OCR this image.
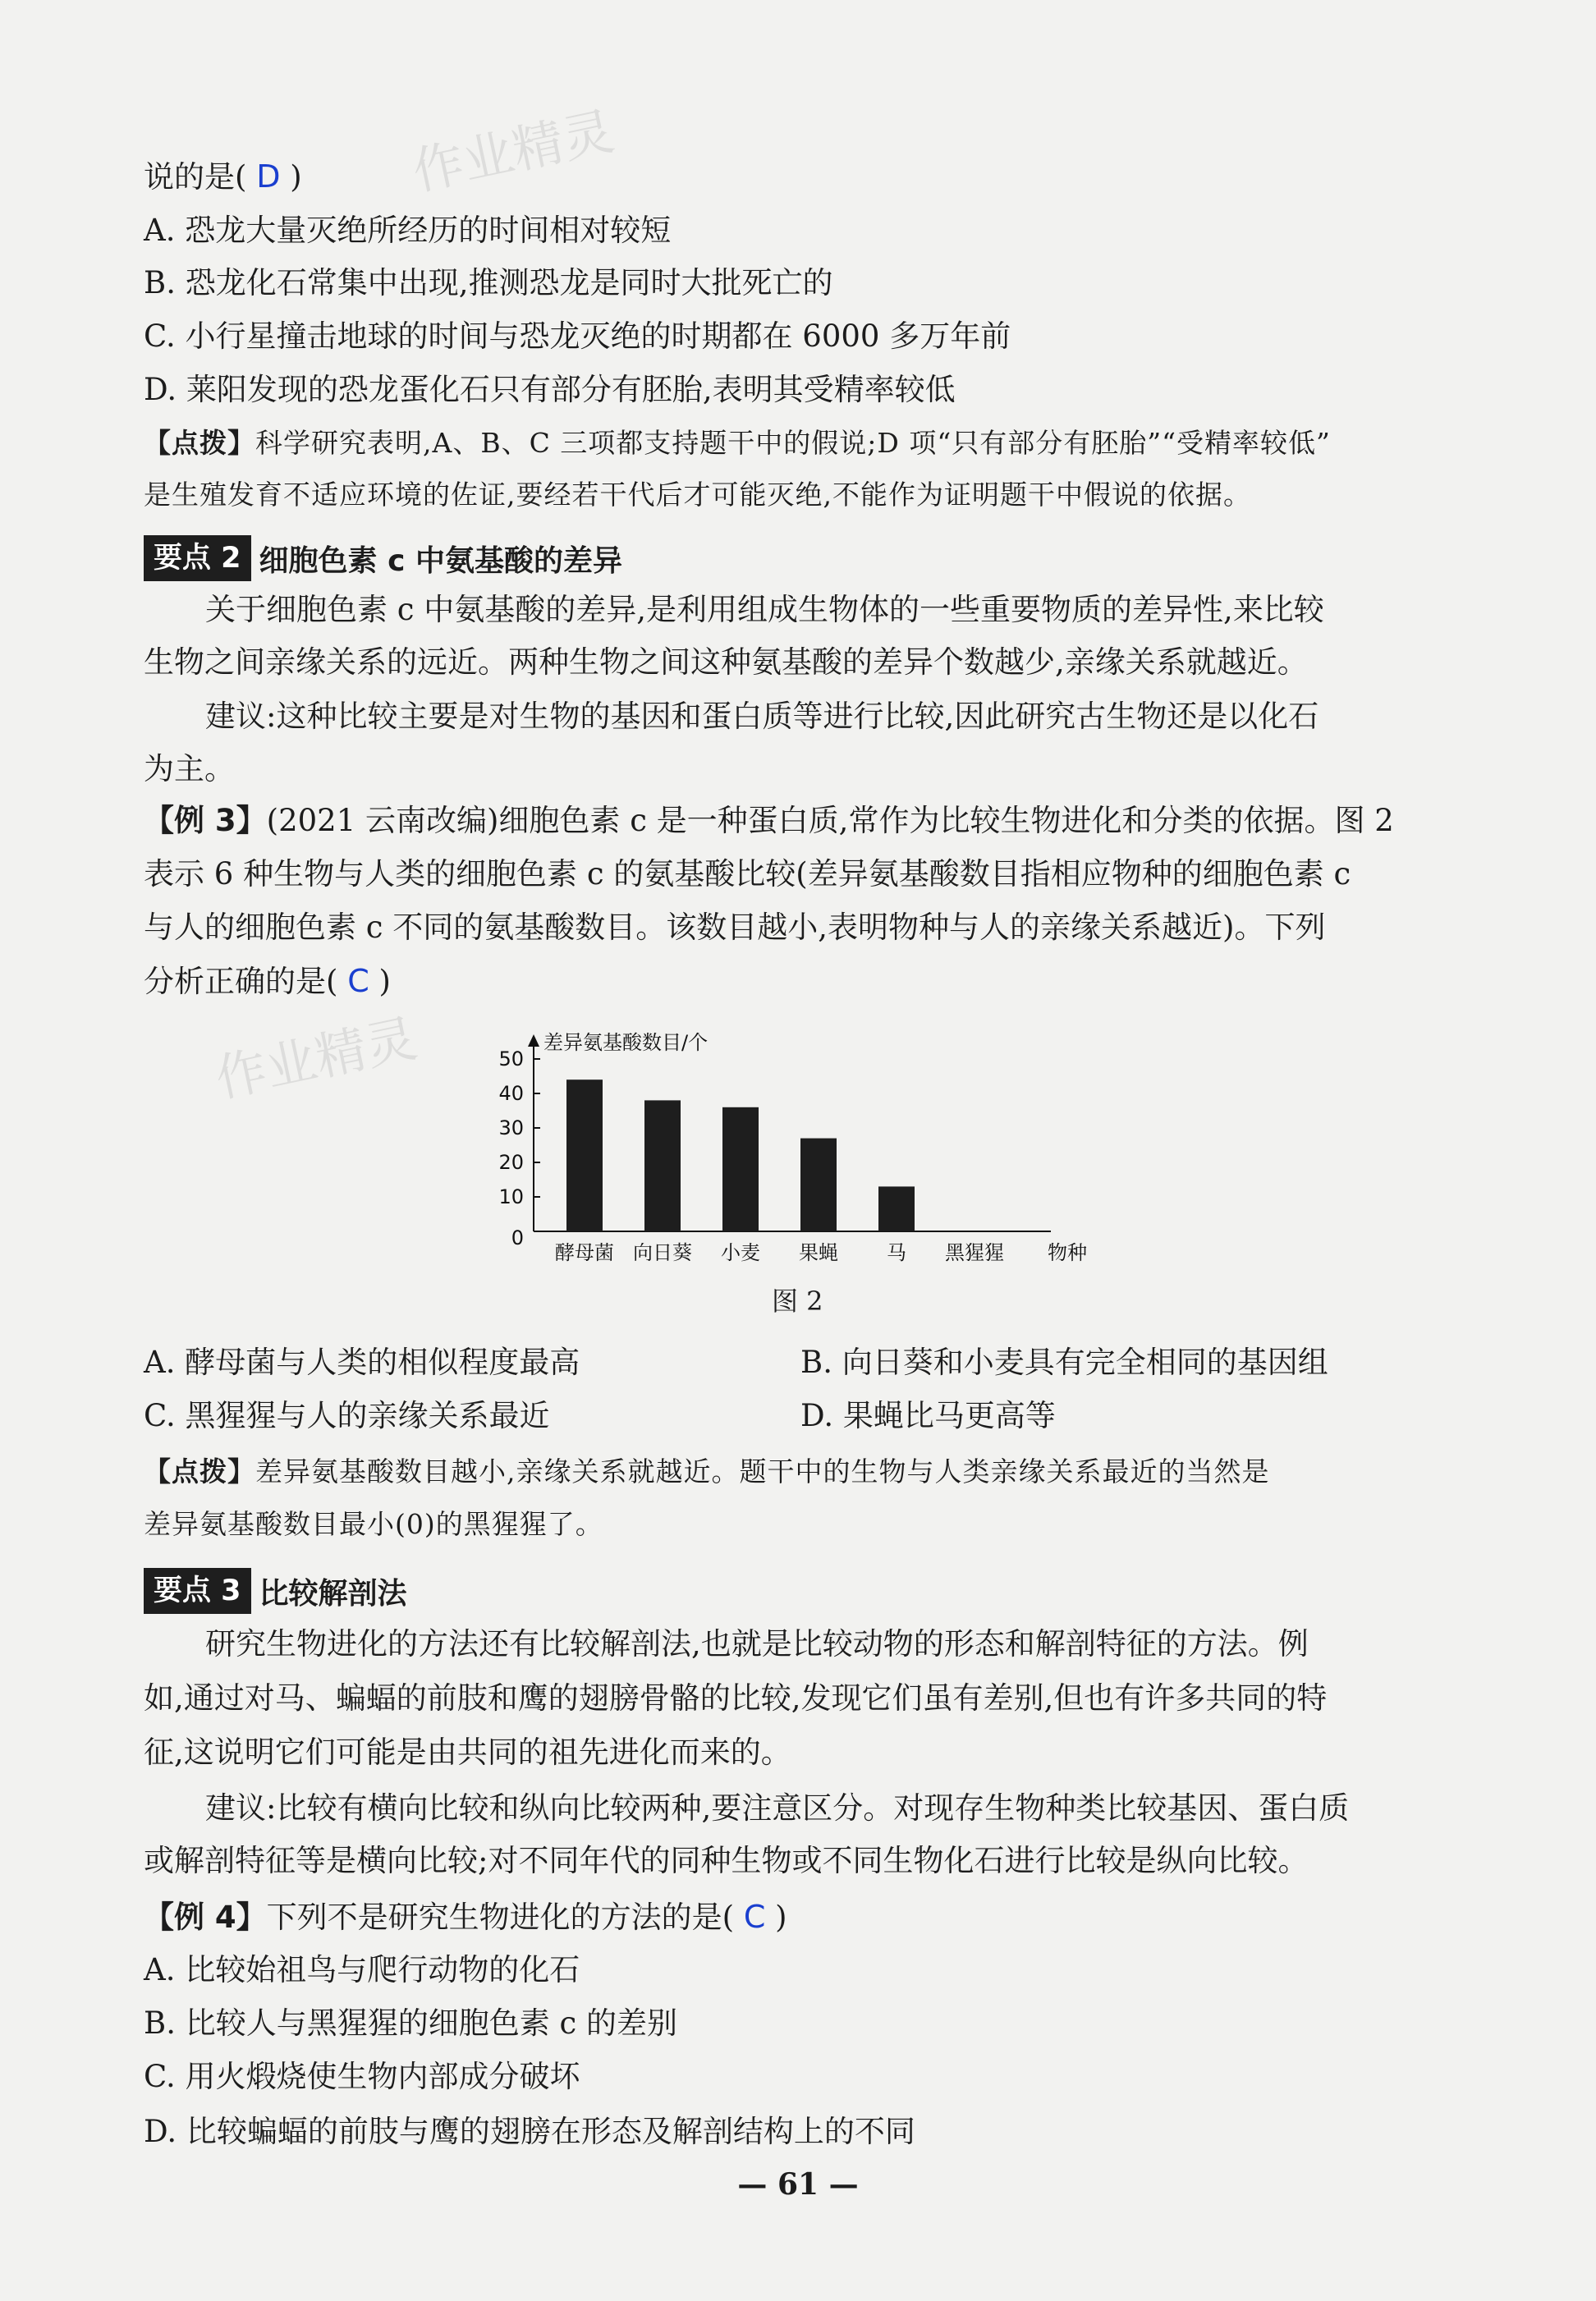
作业精灵
作业精灵
说的是( D )
A. 恐龙大量灭绝所经历的时间相对较短
B. 恐龙化石常集中出现,推测恐龙是同时大批死亡的
C. 小行星撞击地球的时间与恐龙灭绝的时期都在 6000 多万年前
D. 莱阳发现的恐龙蛋化石只有部分有胚胎,表明其受精率较低
【点拨】科学研究表明,A、B、C 三项都支持题干中的假说;D 项“只有部分有胚胎”“受精率较低”
是生殖发育不适应环境的佐证,要经若干代后才可能灭绝,不能作为证明题干中假说的依据。
要点 2 细胞色素 c 中氨基酸的差异
关于细胞色素 c 中氨基酸的差异,是利用组成生物体的一些重要物质的差异性,来比较
生物之间亲缘关系的远近。两种生物之间这种氨基酸的差异个数越少,亲缘关系就越近。
建议:这种比较主要是对生物的基因和蛋白质等进行比较,因此研究古生物还是以化石
为主。
【例 3】(2021 云南改编)细胞色素 c 是一种蛋白质,常作为比较生物进化和分类的依据。图 2
表示 6 种生物与人类的细胞色素 c 的氨基酸比较(差异氨基酸数目指相应物种的细胞色素 c
与人的细胞色素 c 不同的氨基酸数目。该数目越小,表明物种与人的亲缘关系越近)。下列
分析正确的是( C )
差异氨基酸数目/个
0
10
20
30
40
50
酵母菌 向日葵 小麦 果蝇 马 黑猩猩 物种
图 2
A. 酵母菌与人类的相似程度最高	B. 向日葵和小麦具有完全相同的基因组
C. 黑猩猩与人的亲缘关系最近	D. 果蝇比马更高等
【点拨】差异氨基酸数目越小,亲缘关系就越近。题干中的生物与人类亲缘关系最近的当然是
差异氨基酸数目最小(0)的黑猩猩了。
要点 3 比较解剖法
研究生物进化的方法还有比较解剖法,也就是比较动物的形态和解剖特征的方法。例
如,通过对马、蝙蝠的前肢和鹰的翅膀骨骼的比较,发现它们虽有差别,但也有许多共同的特
征,这说明它们可能是由共同的祖先进化而来的。
建议:比较有横向比较和纵向比较两种,要注意区分。对现存生物种类比较基因、蛋白质
或解剖特征等是横向比较;对不同年代的同种生物或不同生物化石进行比较是纵向比较。
【例 4】下列不是研究生物进化的方法的是( C )
A. 比较始祖鸟与爬行动物的化石
B. 比较人与黑猩猩的细胞色素 c 的差别
C. 用火煅烧使生物内部成分破坏
D. 比较蝙蝠的前肢与鹰的翅膀在形态及解剖结构上的不同
— 61 —
